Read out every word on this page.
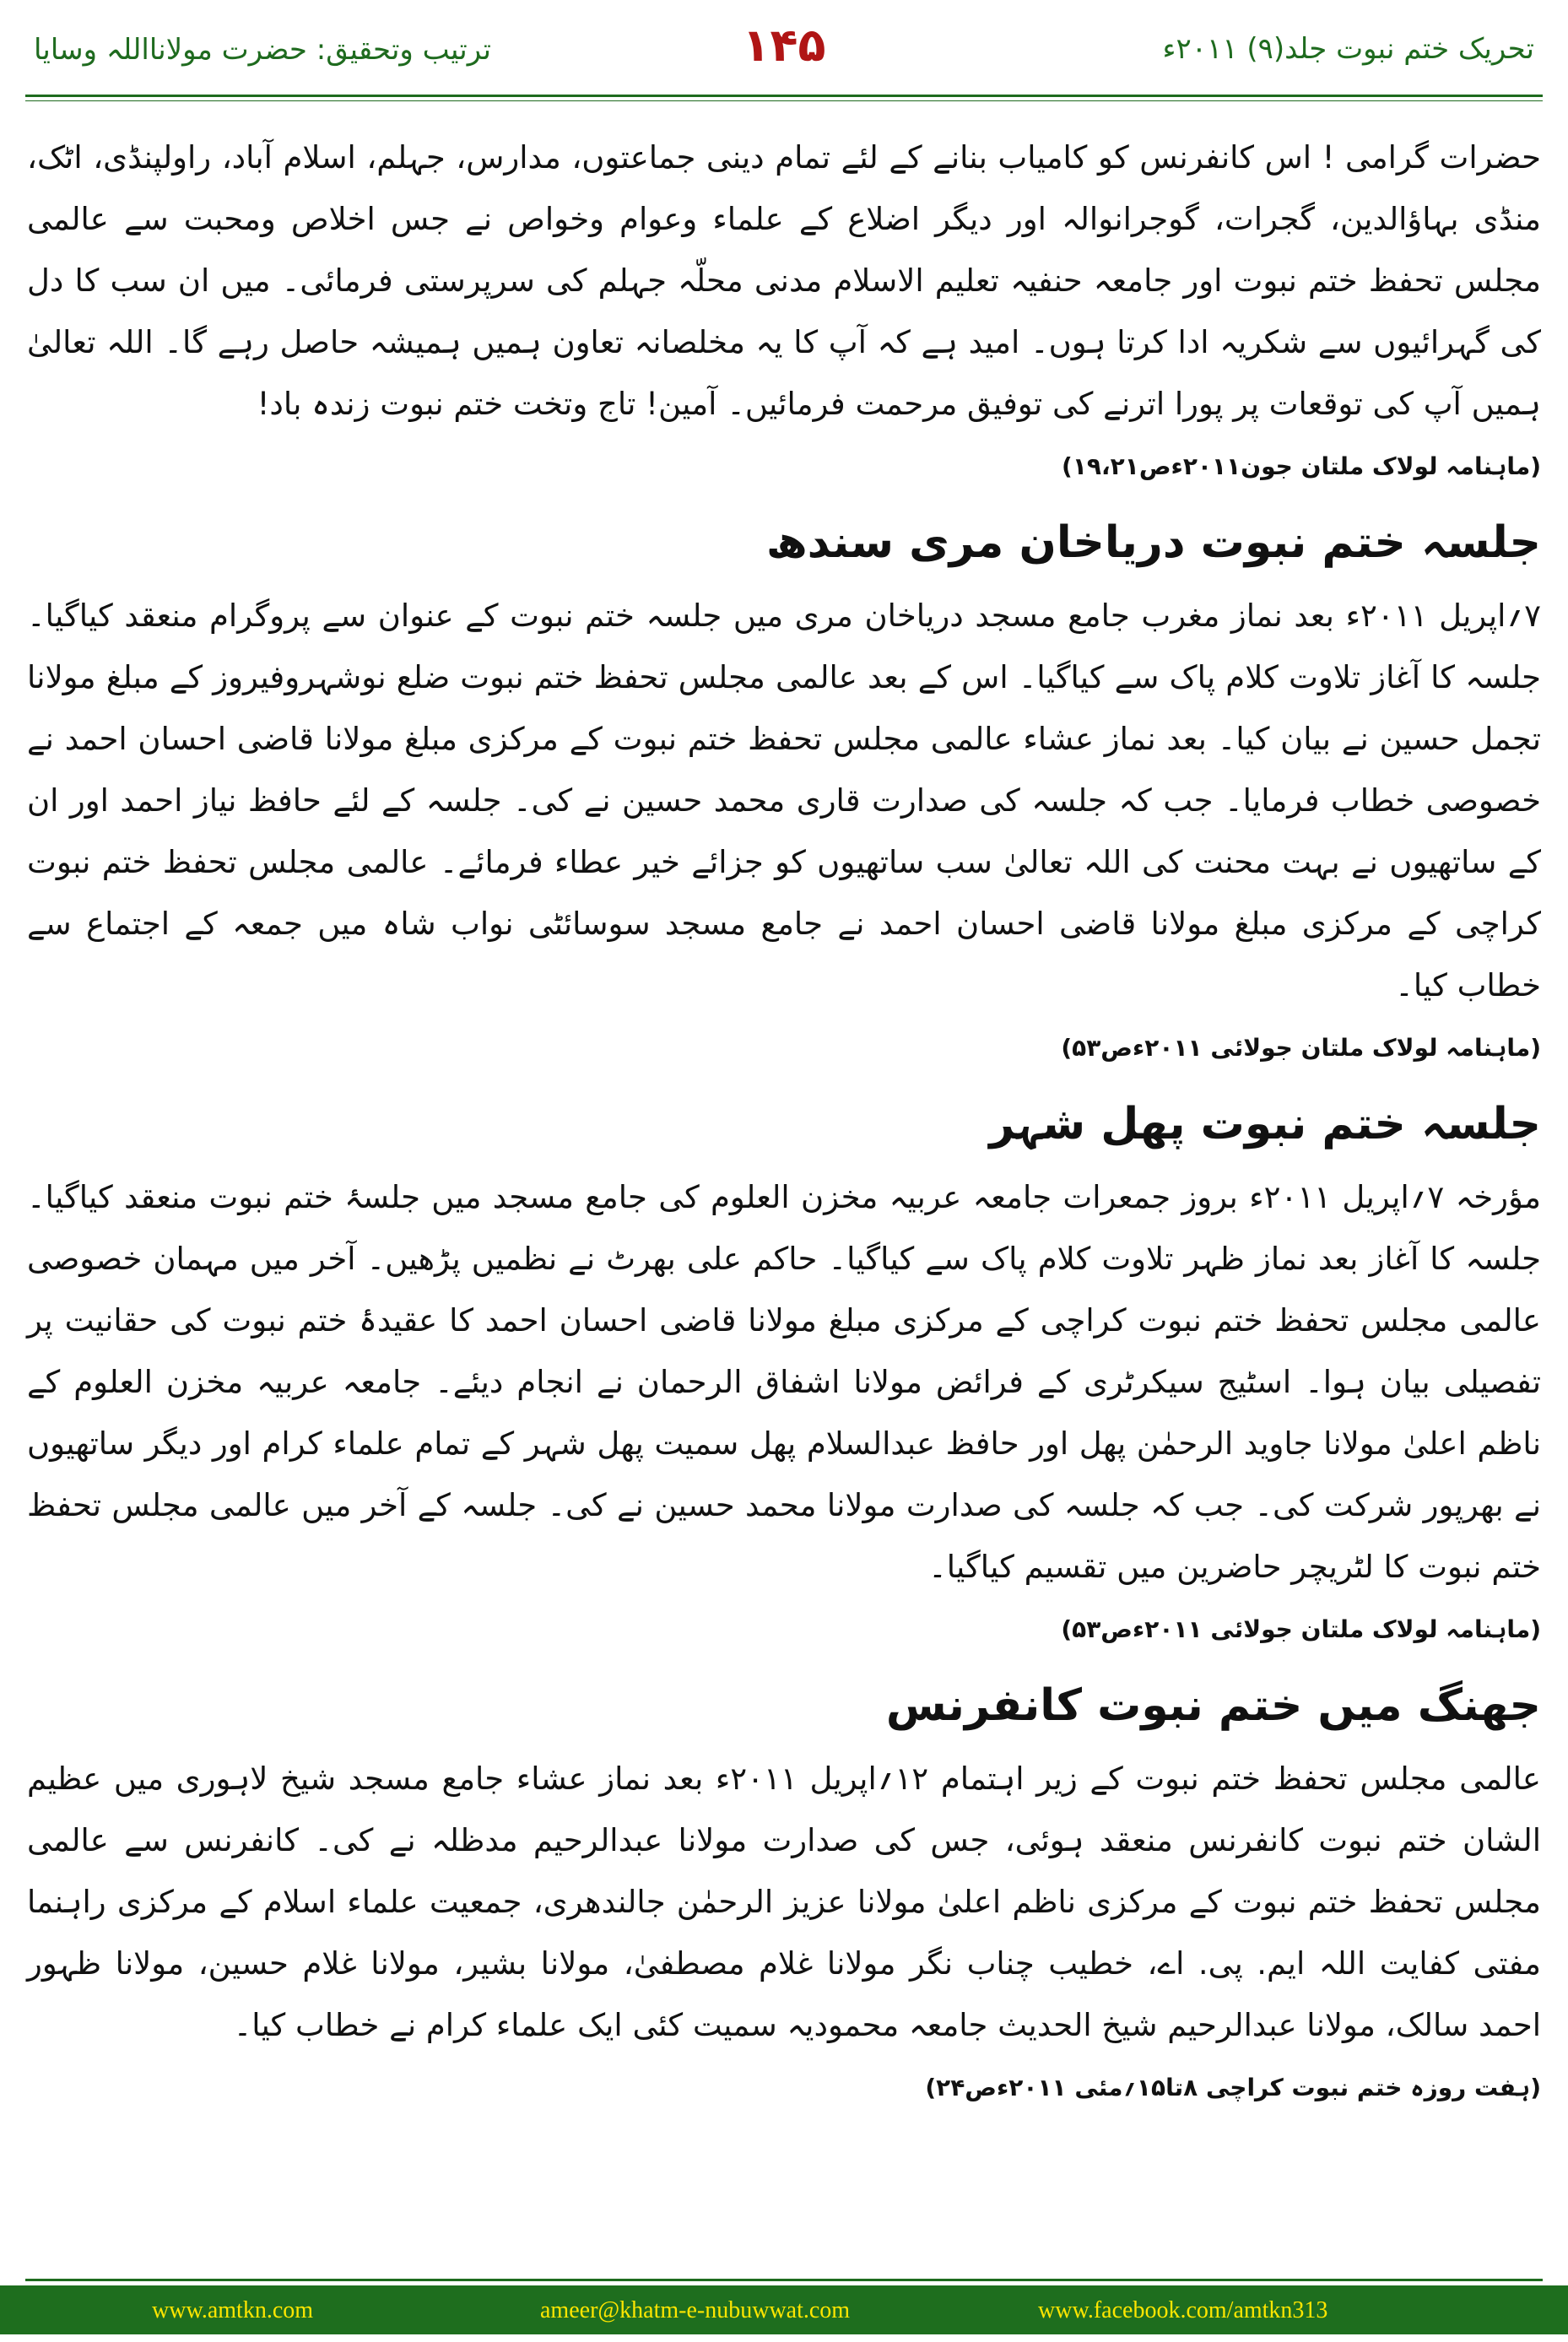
تحریک ختم نبوت جلد(۹) ۲۰۱۱ء
۱۴۵
ترتیب وتحقیق: حضرت مولانااللہ وسایا

حضرات گرامی ! اس کانفرنس کو کامیاب بنانے کے لئے تمام دینی جماعتوں، مدارس، جہلم، اسلام آباد، راولپنڈی، اٹک، منڈی بہاؤالدین، گجرات، گوجرانوالہ اور دیگر اضلاع کے علماء وعوام وخواص نے جس اخلاص ومحبت سے عالمی مجلس تحفظ ختم نبوت اور جامعہ حنفیہ تعلیم الاسلام مدنی محلّہ جہلم کی سرپرستی فرمائی۔ میں ان سب کا دل کی گہرائیوں سے شکریہ ادا کرتا ہوں۔ امید ہے کہ آپ کا یہ مخلصانہ تعاون ہمیں ہمیشہ حاصل رہے گا۔ اللہ تعالیٰ ہمیں آپ کی توقعات پر پورا اترنے کی توفیق مرحمت فرمائیں۔ آمین! تاج وتخت ختم نبوت زندہ باد!

(ماہنامہ لولاک ملتان جون۲۰۱۱ءص۱۹،۲۱)
جلسہ ختم نبوت دریاخان مری سندھ

۷؍اپریل ۲۰۱۱ء بعد نماز مغرب جامع مسجد دریاخان مری میں جلسہ ختم نبوت کے عنوان سے پروگرام منعقد کیاگیا۔ جلسہ کا آغاز تلاوت کلام پاک سے کیاگیا۔ اس کے بعد عالمی مجلس تحفظ ختم نبوت ضلع نوشہروفیروز کے مبلغ مولانا تجمل حسین نے بیان کیا۔ بعد نماز عشاء عالمی مجلس تحفظ ختم نبوت کے مرکزی مبلغ مولانا قاضی احسان احمد نے خصوصی خطاب فرمایا۔ جب کہ جلسہ کی صدارت قاری محمد حسین نے کی۔ جلسہ کے لئے حافظ نیاز احمد اور ان کے ساتھیوں نے بہت محنت کی اللہ تعالیٰ سب ساتھیوں کو جزائے خیر عطاء فرمائے۔ عالمی مجلس تحفظ ختم نبوت کراچی کے مرکزی مبلغ مولانا قاضی احسان احمد نے جامع مسجد سوسائٹی نواب شاہ میں جمعہ کے اجتماع سے خطاب کیا۔

(ماہنامہ لولاک ملتان جولائی ۲۰۱۱ءص۵۳)
جلسہ ختم نبوت پھل شہر

مؤرخہ ۷؍اپریل ۲۰۱۱ء بروز جمعرات جامعہ عربیہ مخزن العلوم کی جامع مسجد میں جلسۂ ختم نبوت منعقد کیاگیا۔ جلسہ کا آغاز بعد نماز ظہر تلاوت کلام پاک سے کیاگیا۔ حاکم علی بھرٹ نے نظمیں پڑھیں۔ آخر میں مہمان خصوصی عالمی مجلس تحفظ ختم نبوت کراچی کے مرکزی مبلغ مولانا قاضی احسان احمد کا عقیدۂ ختم نبوت کی حقانیت پر تفصیلی بیان ہوا۔ اسٹیج سیکرٹری کے فرائض مولانا اشفاق الرحمان نے انجام دیئے۔ جامعہ عربیہ مخزن العلوم کے ناظم اعلیٰ مولانا جاوید الرحمٰن پھل اور حافظ عبدالسلام پھل سمیت پھل شہر کے تمام علماء کرام اور دیگر ساتھیوں نے بھرپور شرکت کی۔ جب کہ جلسہ کی صدارت مولانا محمد حسین نے کی۔ جلسہ کے آخر میں عالمی مجلس تحفظ ختم نبوت کا لٹریچر حاضرین میں تقسیم کیاگیا۔

(ماہنامہ لولاک ملتان جولائی ۲۰۱۱ءص۵۳)
جھنگ میں ختم نبوت کانفرنس

عالمی مجلس تحفظ ختم نبوت کے زیر اہتمام ۱۲؍اپریل ۲۰۱۱ء بعد نماز عشاء جامع مسجد شیخ لاہوری میں عظیم الشان ختم نبوت کانفرنس منعقد ہوئی، جس کی صدارت مولانا عبدالرحیم مدظلہ نے کی۔ کانفرنس سے عالمی مجلس تحفظ ختم نبوت کے مرکزی ناظم اعلیٰ مولانا عزیز الرحمٰن جالندھری، جمعیت علماء اسلام کے مرکزی راہنما مفتی کفایت اللہ ایم. پی. اے، خطیب چناب نگر مولانا غلام مصطفیٰ، مولانا بشیر، مولانا غلام حسین، مولانا ظہور احمد سالک، مولانا عبدالرحیم شیخ الحدیث جامعہ محمودیہ سمیت کئی ایک علماء کرام نے خطاب کیا۔

(ہفت روزہ ختم نبوت کراچی ۸تا۱۵؍مئی ۲۰۱۱ءص۲۴)
www.amtkn.com	ameer@khatm-e-nubuwwat.com	www.facebook.com/amtkn313
